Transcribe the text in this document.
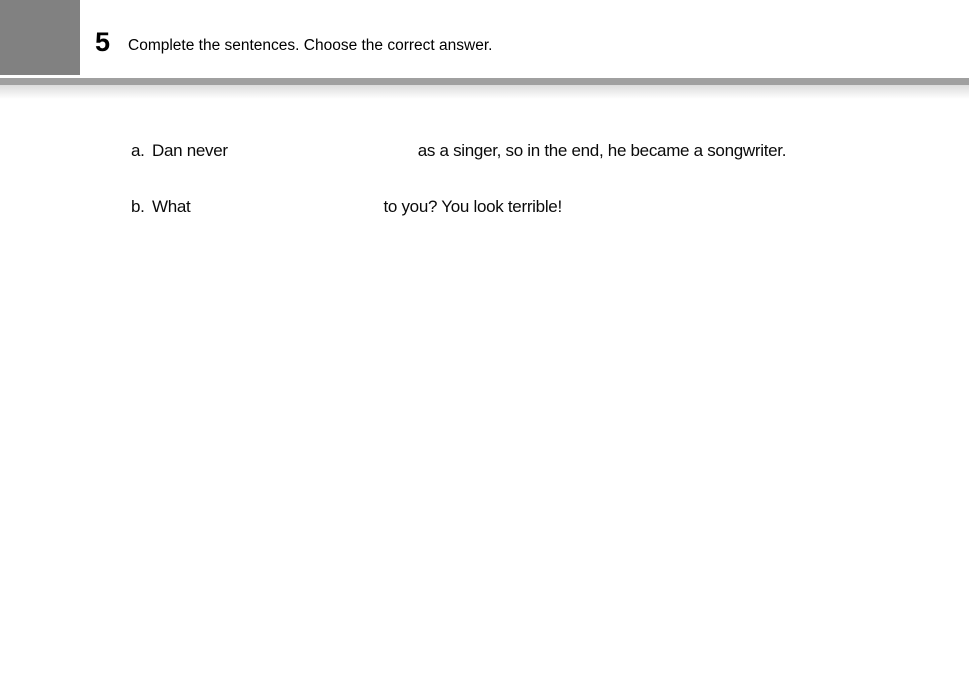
5 Complete the sentences. Choose the correct answer.
a. Dan never	as a singer, so in the end, he became a songwriter.
b. What	to you? You look terrible!
